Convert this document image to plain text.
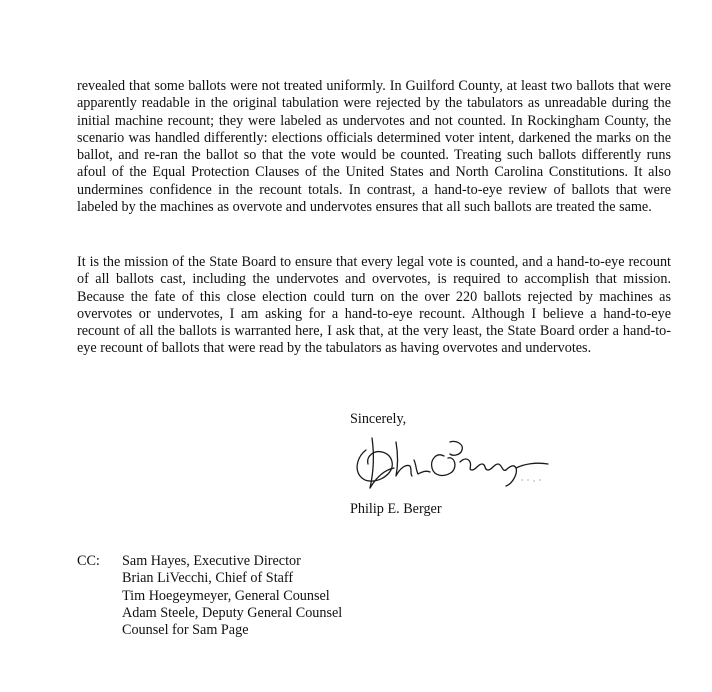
revealed that some ballots were not treated uniformly. In Guilford County, at least two ballots that were apparently readable in the original tabulation were rejected by the tabulators as unreadable during the initial machine recount; they were labeled as undervotes and not counted. In Rockingham County, the scenario was handled differently: elections officials determined voter intent, darkened the marks on the ballot, and re-ran the ballot so that the vote would be counted. Treating such ballots differently runs afoul of the Equal Protection Clauses of the United States and North Carolina Constitutions. It also undermines confidence in the recount totals. In contrast, a hand-to-eye review of ballots that were labeled by the machines as overvote and undervotes ensures that all such ballots are treated the same.
It is the mission of the State Board to ensure that every legal vote is counted, and a hand-to-eye recount of all ballots cast, including the undervotes and overvotes, is required to accomplish that mission. Because the fate of this close election could turn on the over 220 ballots rejected by machines as overvotes or undervotes, I am asking for a hand-to-eye recount. Although I believe a hand-to-eye recount of all the ballots is warranted here, I ask that, at the very least, the State Board order a hand-to-eye recount of ballots that were read by the tabulators as having overvotes and undervotes.
Sincerely,
Philip E. Berger
CC: Sam Hayes, Executive Director
Brian LiVecchi, Chief of Staff
Tim Hoegeymeyer, General Counsel
Adam Steele, Deputy General Counsel
Counsel for Sam Page
